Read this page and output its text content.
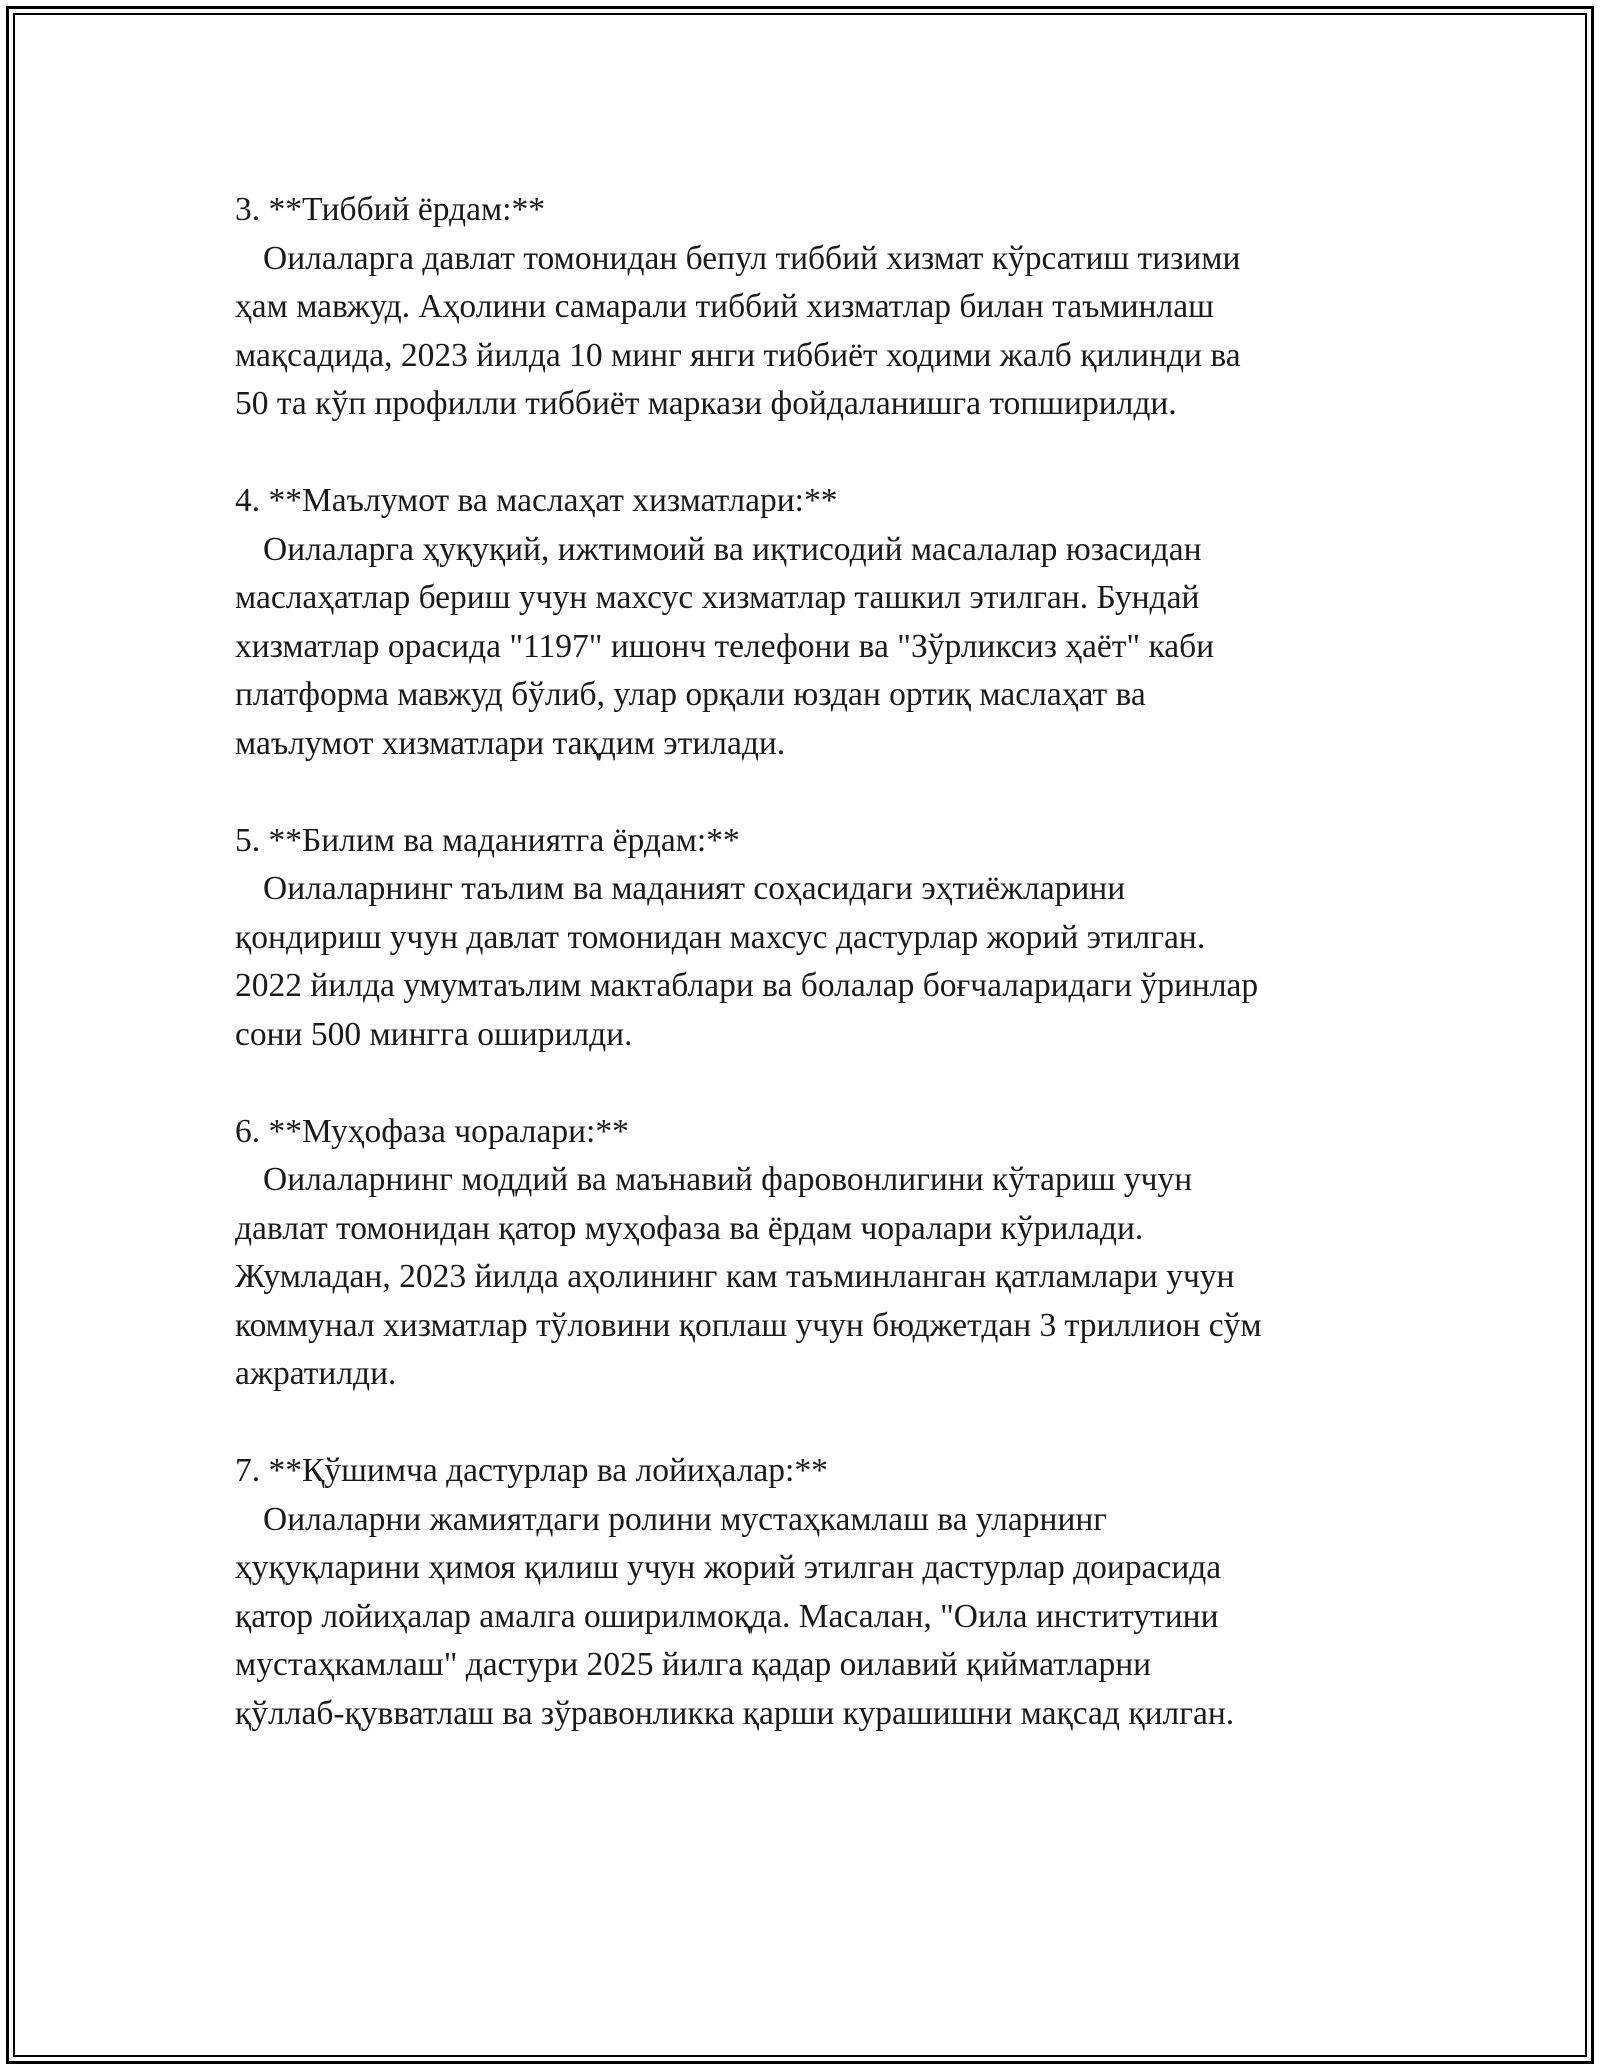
3. **Тиббий ёрдам:**

Оилаларга давлат томонидан бепул тиббий хизмат кўрсатиш тизими

ҳам мавжуд. Аҳолини самарали тиббий хизматлар билан таъминлаш

мақсадида, 2023 йилда 10 минг янги тиббиёт ходими жалб қилинди ва

50 та кўп профилли тиббиёт маркази фойдаланишга топширилди.

4. **Маълумот ва маслаҳат хизматлари:**

Оилаларга ҳуқуқий, ижтимоий ва иқтисодий масалалар юзасидан

маслаҳатлар бериш учун махсус хизматлар ташкил этилган. Бундай

хизматлар орасида "1197" ишонч телефони ва "Зўрликсиз ҳаёт" каби

платформа мавжуд бўлиб, улар орқали юздан ортиқ маслаҳат ва

маълумот хизматлари тақдим этилади.

5. **Билим ва маданиятга ёрдам:**

Оилаларнинг таълим ва маданият соҳасидаги эҳтиёжларини

қондириш учун давлат томонидан махсус дастурлар жорий этилган.

2022 йилда умумтаълим мактаблари ва болалар боғчаларидаги ўринлар

сони 500 мингга оширилди.

6. **Муҳофаза чоралари:**

Оилаларнинг моддий ва маънавий фаровонлигини кўтариш учун

давлат томонидан қатор муҳофаза ва ёрдам чоралари кўрилади.

Жумладан, 2023 йилда аҳолининг кам таъминланган қатламлари учун

коммунал хизматлар тўловини қоплаш учун бюджетдан 3 триллион сўм

ажратилди.

7. **Қўшимча дастурлар ва лойиҳалар:**

Оилаларни жамиятдаги ролини мустаҳкамлаш ва уларнинг

ҳуқуқларини ҳимоя қилиш учун жорий этилган дастурлар доирасида

қатор лойиҳалар амалга оширилмоқда. Масалан, "Оила институтини

мустаҳкамлаш" дастури 2025 йилга қадар оилавий қийматларни

қўллаб-қувватлаш ва зўравонликка қарши курашишни мақсад қилган.
